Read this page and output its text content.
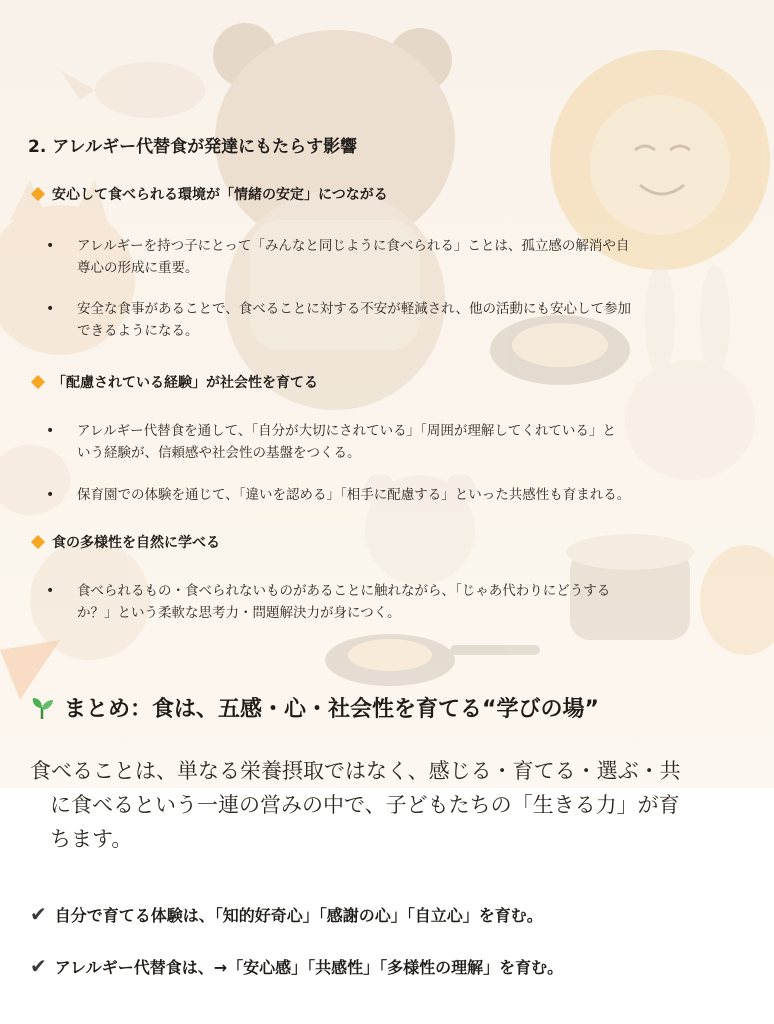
2. アレルギー代替食が発達にもたらす影響
安心して食べられる環境が「情緒の安定」につながる
• アレルギーを持つ子にとって「みんなと同じように食べられる」ことは、孤立感の解消や自
尊心の形成に重要。
• 安全な食事があることで、食べることに対する不安が軽減され、他の活動にも安心して参加
できるようになる。
「配慮されている経験」が社会性を育てる
• アレルギー代替食を通して、「自分が大切にされている」「周囲が理解してくれている」と
いう経験が、信頼感や社会性の基盤をつくる。
• 保育園での体験を通じて、「違いを認める」「相手に配慮する」といった共感性も育まれる。
食の多様性を自然に学べる
• 食べられるもの・食べられないものがあることに触れながら、「じゃあ代わりにどうする
か？」という柔軟な思考力・問題解決力が身につく。
まとめ：食は、五感・心・社会性を育てる“学びの場”
食べることは、単なる栄養摂取ではなく、感じる・育てる・選ぶ・共
に食べるという一連の営みの中で、子どもたちの「生きる力」が育
ちます。
✔ 自分で育てる体験は、「知的好奇心」「感謝の心」「自立心」を育む。
✔ アレルギー代替食は、→「安心感」「共感性」「多様性の理解」を育む。
